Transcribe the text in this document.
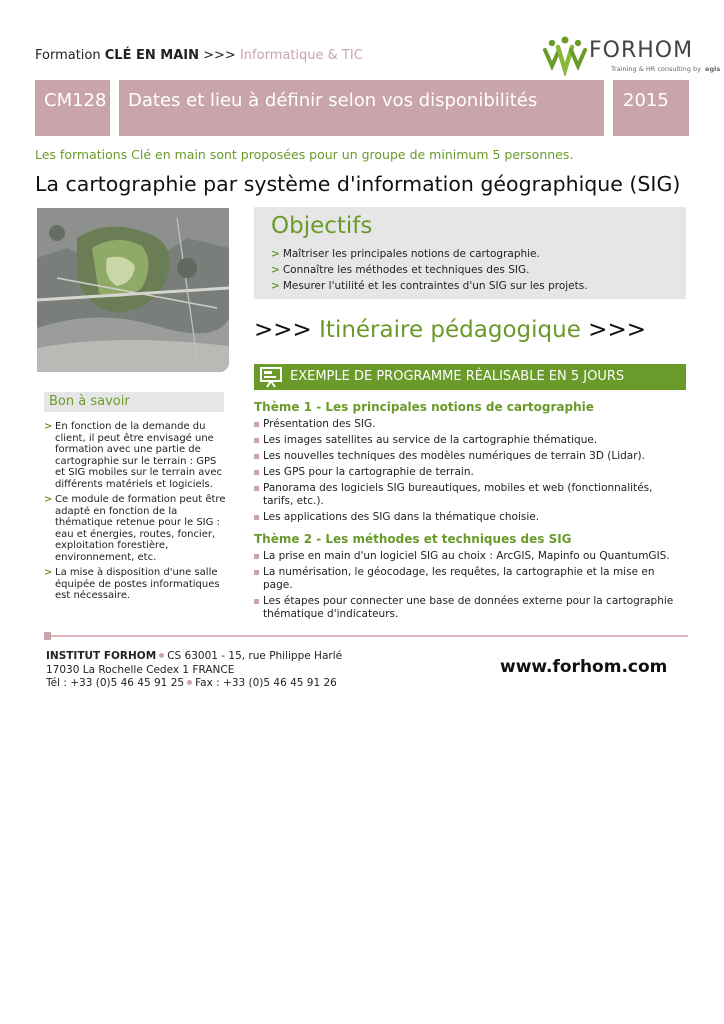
Formation CLÉ EN MAIN >>> Informatique & TIC	FORHOM
Training & HR consulting by egis
CM128	Dates et lieu à définir selon vos disponibilités	2015
Les formations Clé en main sont proposées pour un groupe de minimum 5 personnes.
La cartographie par système d'information géographique (SIG)
Objectifs
> Maîtriser les principales notions de cartographie.
> Connaître les méthodes et techniques des SIG.
> Mesurer l'utilité et les contraintes d'un SIG sur les projets.
>>> Itinéraire pédagogique >>>
EXEMPLE DE PROGRAMME RÉALISABLE EN 5 JOURS
Thème 1 - Les principales notions de cartographie
Présentation des SIG.
Les images satellites au service de la cartographie thématique.
Les nouvelles techniques des modèles numériques de terrain 3D (Lidar).
Les GPS pour la cartographie de terrain.
Panorama des logiciels SIG bureautiques, mobiles et web (fonctionnalités, tarifs, etc.).
Les applications des SIG dans la thématique choisie.
Thème 2 - Les méthodes et techniques des SIG
La prise en main d'un logiciel SIG au choix : ArcGIS, Mapinfo ou QuantumGIS.
La numérisation, le géocodage, les requêtes, la cartographie et la mise en page.
Les étapes pour connecter une base de données externe pour la cartographie thématique d'indicateurs.
Bon à savoir
> En fonction de la demande du client, il peut être envisagé une formation avec une partie de cartographie sur le terrain : GPS et SIG mobiles sur le terrain avec différents matériels et logiciels.
> Ce module de formation peut être adapté en fonction de la thématique retenue pour le SIG : eau et énergies, routes, foncier, exploitation forestière, environnement, etc.
> La mise à disposition d'une salle équipée de postes informatiques est nécessaire.
INSTITUT FORHOM CS 63001 - 15, rue Philippe Harlé
17030 La Rochelle Cedex 1 FRANCE
Tél : +33 (0)5 46 45 91 25 Fax : +33 (0)5 46 45 91 26
www.forhom.com
